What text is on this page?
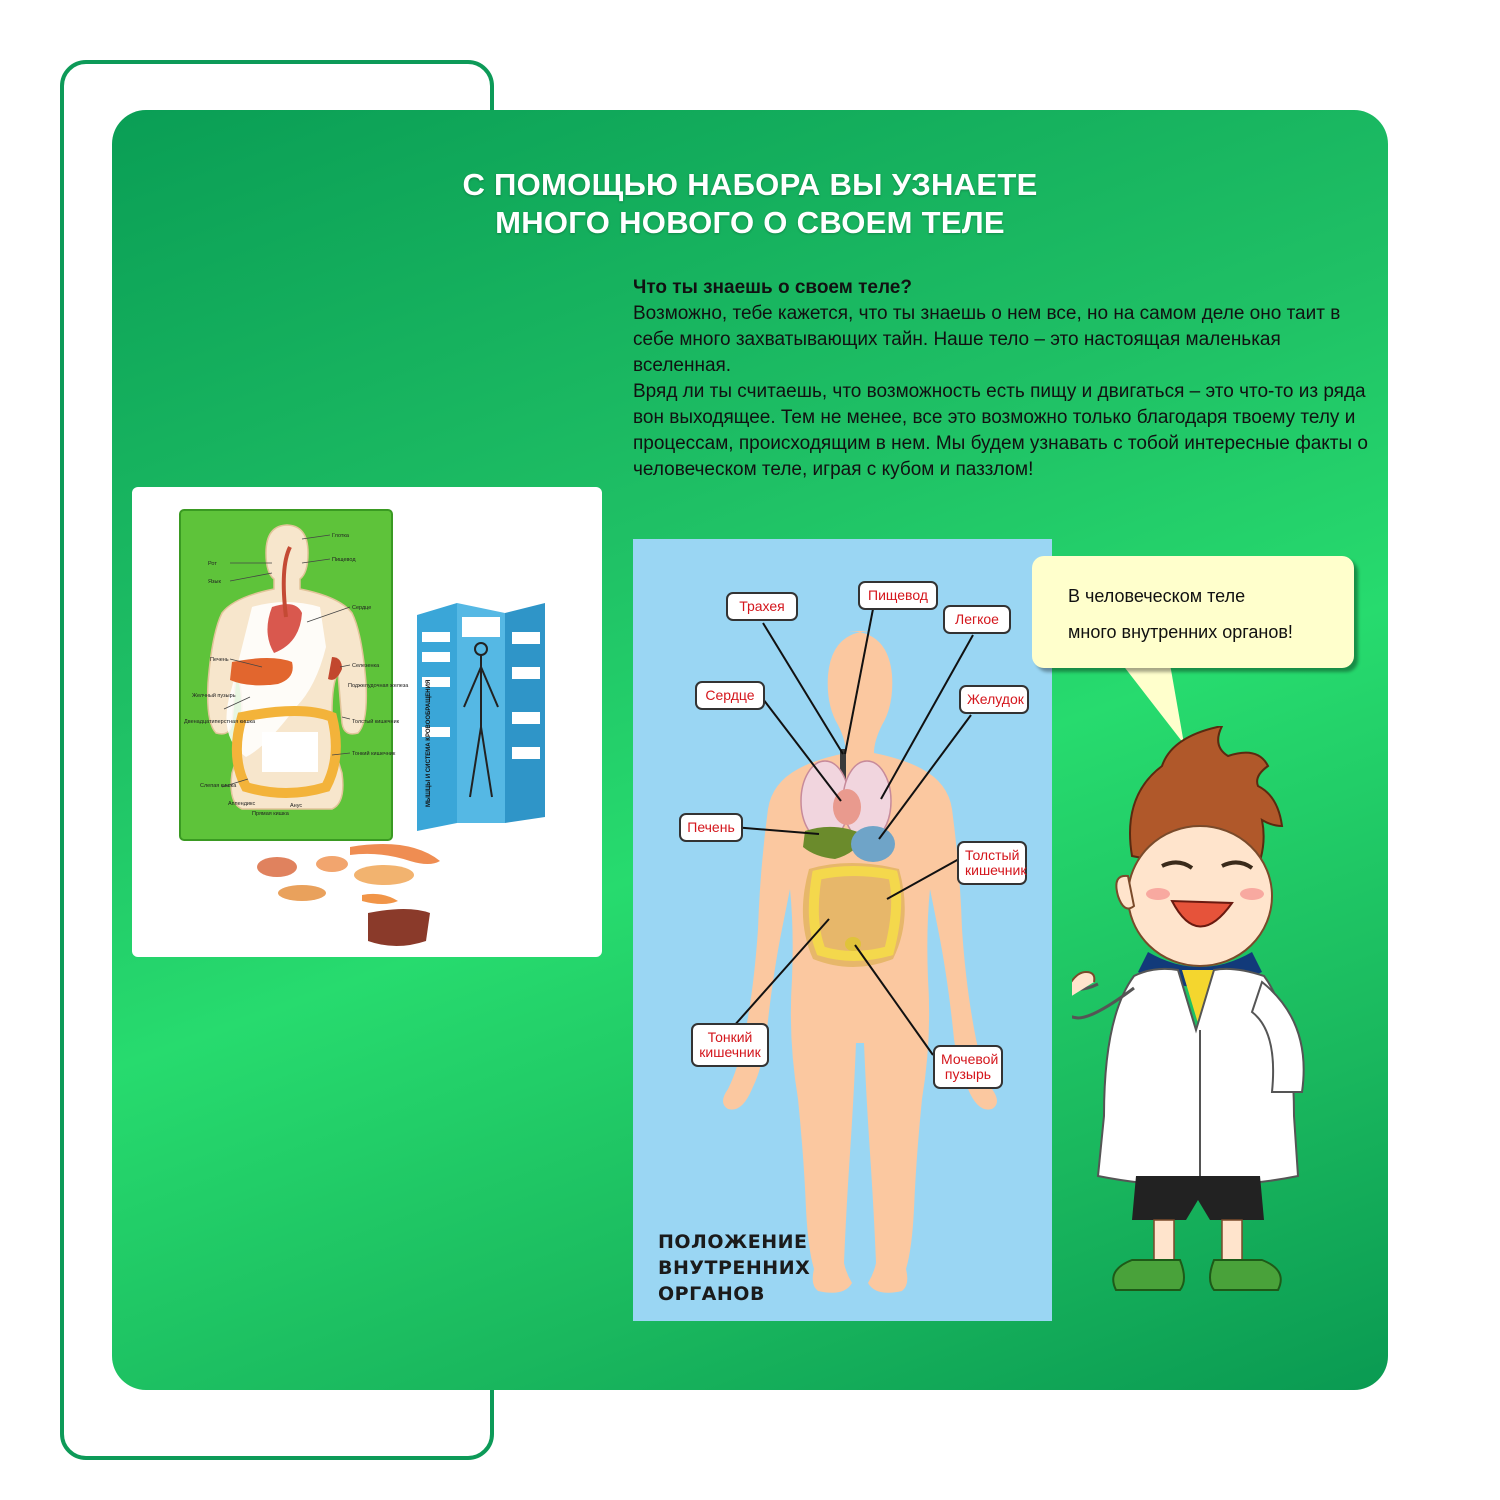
С ПОМОЩЬЮ НАБОРА ВЫ УЗНАЕТЕ
МНОГО НОВОГО О СВОЕМ ТЕЛЕ
Что ты знаешь о своем теле?

Возможно, тебе кажется, что ты знаешь о нем все, но на самом деле оно таит в себе много захватывающих тайн. Наше тело – это настоящая маленькая вселенная.

Вряд ли ты считаешь, что возможность есть пищу и двигаться – это что-то из ряда вон выходящее. Тем не менее, все это возможно только благодаря твоему телу и процессам, происходящим в нем. Мы будем узнавать с тобой интересные факты о человеческом теле, играя с кубом и паззлом!

Глотка
Рот
Пищевод
Язык
Сердце
Печень
Селезенка
Желчный пузырь
Поджелудочная железа
Двенадцатиперстная кишка	Толстый кишечник
Тонкий кишечник
Слепая кишка
Аппендикс
Прямая кишка
Анус	МЫШЦЫ И СИСТЕМА КРОВООБРАЩЕНИЯ
Трахея
Пищевод
Легкое
Сердце	Желудок
Печень
Толстый
кишечник
Тонкий
кишечник	Мочевой
пузырь
ПОЛОЖЕНИЕ
ВНУТРЕННИХ
ОРГАНОВ
В человеческом теле
много внутренних органов!
